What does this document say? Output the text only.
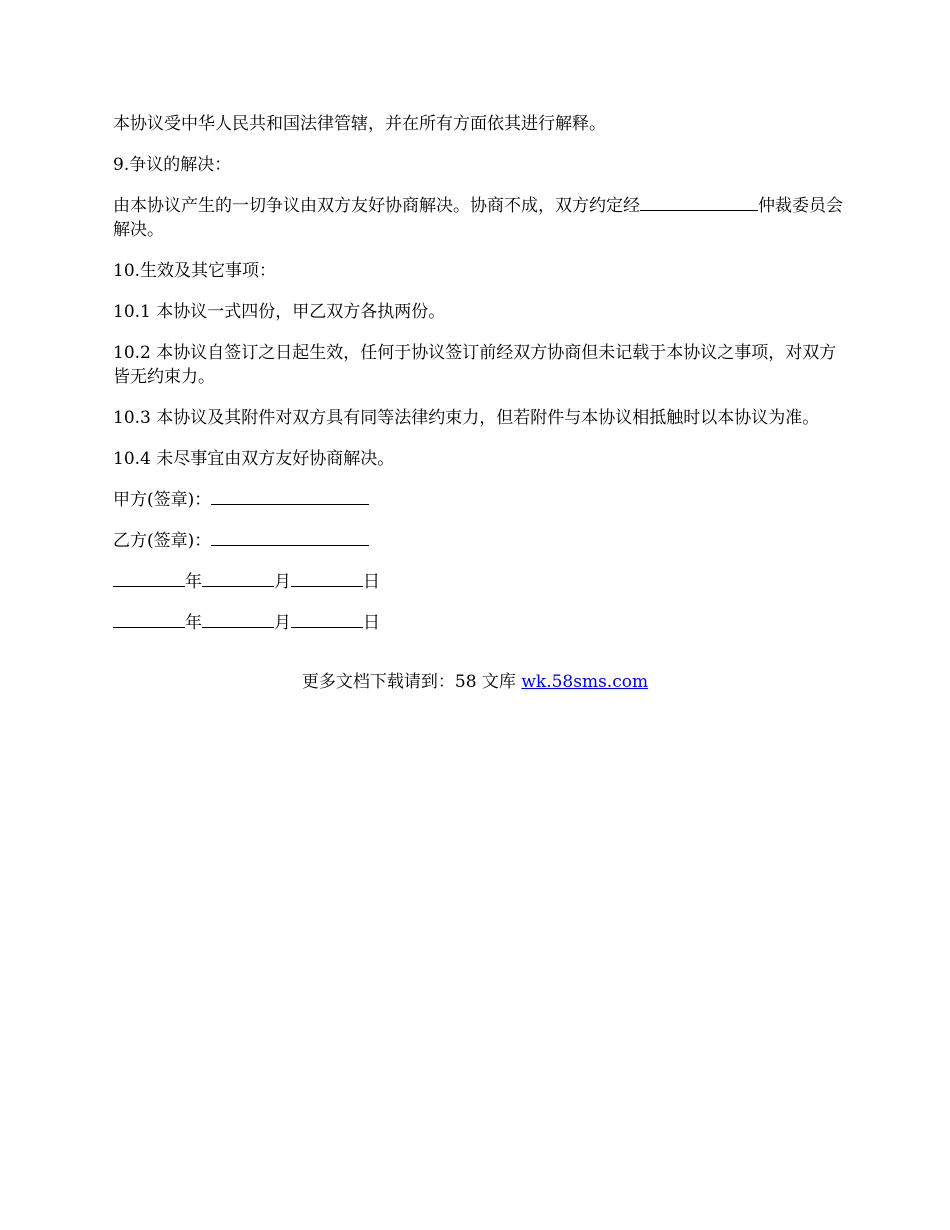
本协议受中华人民共和国法律管辖，并在所有方面依其进行解释。

9.争议的解决：

由本协议产生的一切争议由双方友好协商解决。协商不成，双方约定经	仲裁委员会解决。

10.生效及其它事项：

10.1 本协议一式四份，甲乙双方各执两份。

10.2 本协议自签订之日起生效，任何于协议签订前经双方协商但未记载于本协议之事项，对双方皆无约束力。

10.3 本协议及其附件对双方具有同等法律约束力，但若附件与本协议相抵触时以本协议为准。

10.4 未尽事宜由双方友好协商解决。

甲方(签章)：
乙方(签章)：
年	月	日
年	月	日
更多文档下载请到：58 文库 wk.58sms.com
